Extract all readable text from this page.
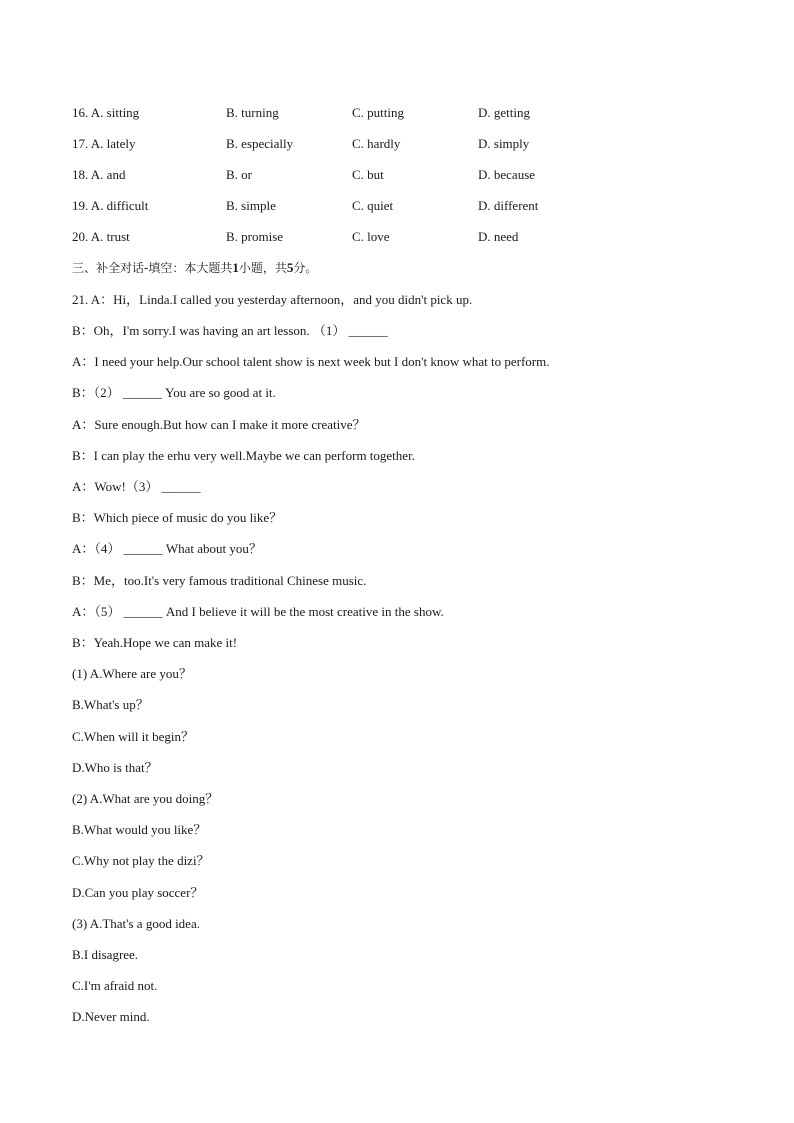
16. A. sitting	B. turning	C. putting	D. getting
17. A. lately	B. especially	C. hardly	D. simply
18. A. and	B. or	C. but	D. because
19. A. difficult	B. simple	C. quiet	D. different
20. A. trust	B. promise	C. love	D. need
三、补全对话-填空：本大题共1小题，共5分。
21. A：Hi，Linda.I called you yesterday afternoon，and you didn't pick up.
B：Oh，I'm sorry.I was having an art lesson. （1） ______
A：I need your help.Our school talent show is next week but I don't know what to perform.
B：（2） ______ You are so good at it.
A：Sure enough.But how can I make it more creative？
B：I can play the erhu very well.Maybe we can perform together.
A：Wow!（3） ______
B：Which piece of music do you like？
A：（4） ______ What about you？
B：Me，too.It's very famous traditional Chinese music.
A：（5） ______ And I believe it will be the most creative in the show.
B：Yeah.Hope we can make it!
(1) A.Where are you？
B.What's up？
C.When will it begin？
D.Who is that？
(2) A.What are you doing？
B.What would you like？
C.Why not play the dizi？
D.Can you play soccer？
(3) A.That's a good idea.
B.I disagree.
C.I'm afraid not.
D.Never mind.
